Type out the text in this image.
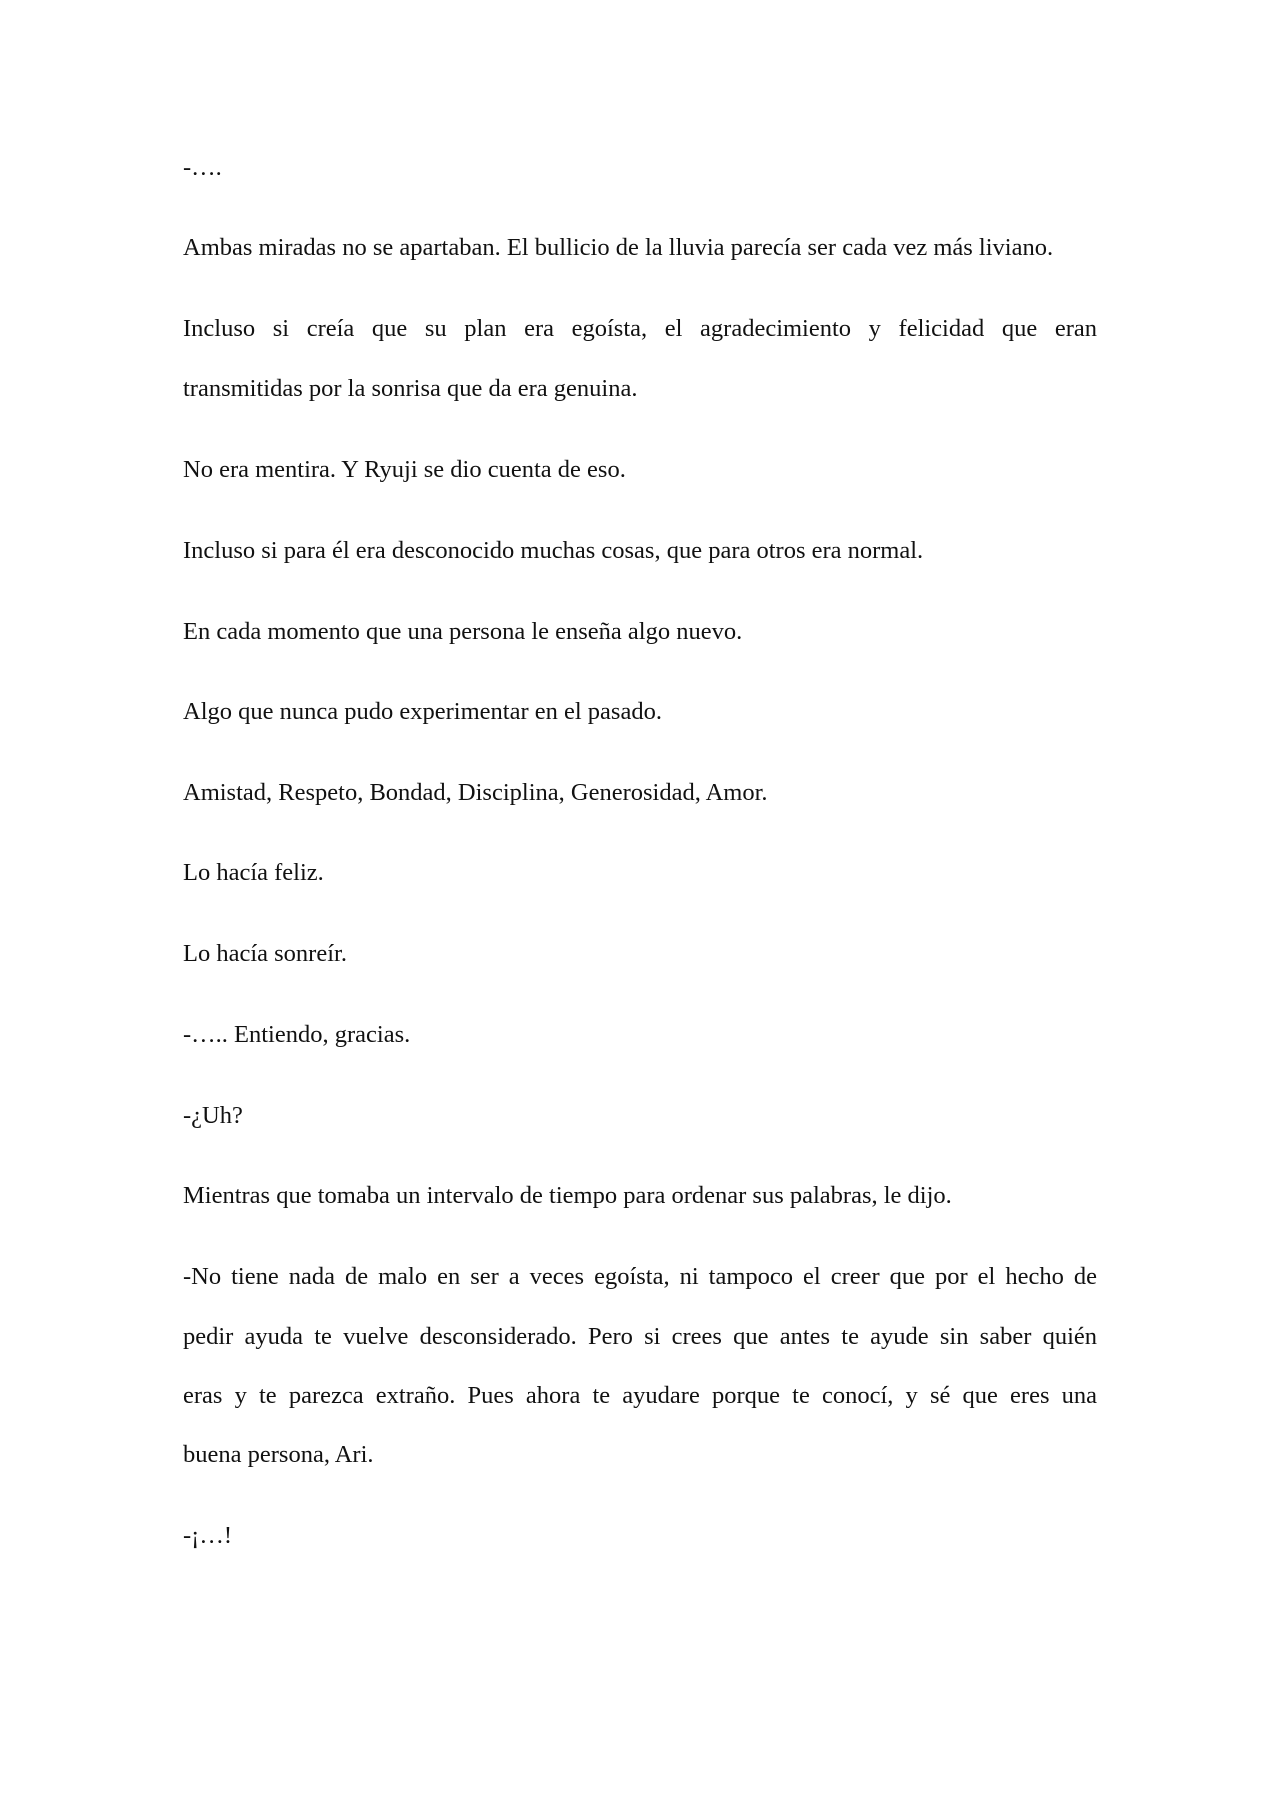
-….
Ambas miradas no se apartaban. El bullicio de la lluvia parecía ser cada vez más liviano.
Incluso si creía que su plan era egoísta, el agradecimiento y felicidad que eran
transmitidas por la sonrisa que da era genuina.
No era mentira. Y Ryuji se dio cuenta de eso.
Incluso si para él era desconocido muchas cosas, que para otros era normal.
En cada momento que una persona le enseña algo nuevo.
Algo que nunca pudo experimentar en el pasado.
Amistad, Respeto, Bondad, Disciplina, Generosidad, Amor.
Lo hacía feliz.
Lo hacía sonreír.
-….. Entiendo, gracias.
-¿Uh?
Mientras que tomaba un intervalo de tiempo para ordenar sus palabras, le dijo.
-No tiene nada de malo en ser a veces egoísta, ni tampoco el creer que por el hecho de
pedir ayuda te vuelve desconsiderado. Pero si crees que antes te ayude sin saber quién
eras y te parezca extraño. Pues ahora te ayudare porque te conocí, y sé que eres una
buena persona, Ari.
-¡…!
